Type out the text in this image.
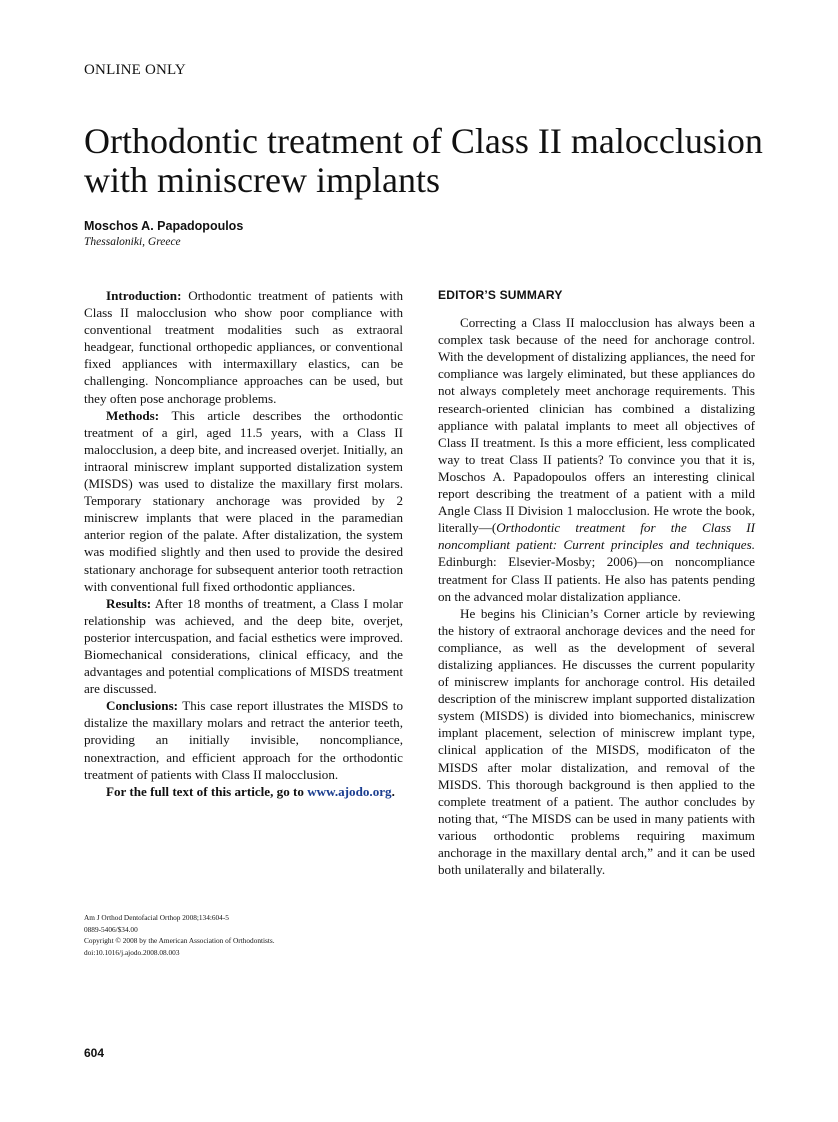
ONLINE ONLY
Orthodontic treatment of Class II malocclusion
with miniscrew implants
Moschos A. Papadopoulos
Thessaloniki, Greece

Introduction: Orthodontic treatment of patients with Class II malocclusion who show poor compliance with conventional treatment modalities such as extraoral headgear, functional orthopedic appliances, or conventional fixed appliances with intermaxillary elastics, can be challenging. Noncompliance approaches can be used, but they often pose anchorage problems.

Methods: This article describes the orthodontic treatment of a girl, aged 11.5 years, with a Class II malocclusion, a deep bite, and increased overjet. Initially, an intraoral miniscrew implant supported distalization system (MISDS) was used to distalize the maxillary first molars. Temporary stationary anchorage was provided by 2 miniscrew implants that were placed in the paramedian anterior region of the palate. After distalization, the system was modified slightly and then used to provide the desired stationary anchorage for subsequent anterior tooth retraction with conventional full fixed orthodontic appliances.

Results: After 18 months of treatment, a Class I molar relationship was achieved, and the deep bite, overjet, posterior intercuspation, and facial esthetics were improved. Biomechanical considerations, clinical efficacy, and the advantages and potential complications of MISDS treatment are discussed.

Conclusions: This case report illustrates the MISDS to distalize the maxillary molars and retract the anterior teeth, providing an initially invisible, noncompliance, nonextraction, and efficient approach for the orthodontic treatment of patients with Class II malocclusion.

For the full text of this article, go to www.ajodo.org.

Am J Orthod Dentofacial Orthop 2008;134:604-5
0889-5406/$34.00
Copyright © 2008 by the American Association of Orthodontists.
doi:10.1016/j.ajodo.2008.08.003

EDITOR’S SUMMARY

Correcting a Class II malocclusion has always been a complex task because of the need for anchorage control. With the development of distalizing appliances, the need for compliance was largely eliminated, but these appliances do not always completely meet anchorage requirements. This research-oriented clinician has combined a distalizing appliance with palatal implants to meet all objectives of Class II treatment. Is this a more efficient, less complicated way to treat Class II patients? To convince you that it is, Moschos A. Papadopoulos offers an interesting clinical report describing the treatment of a patient with a mild Angle Class II Division 1 malocclusion. He wrote the book, literally—(Orthodontic treatment for the Class II noncompliant patient: Current principles and techniques. Edinburgh: Elsevier-Mosby; 2006)—on noncompliance treatment for Class II patients. He also has patents pending on the advanced molar distalization appliance.

He begins his Clinician’s Corner article by reviewing the history of extraoral anchorage devices and the need for compliance, as well as the development of several distalizing appliances. He discusses the current popularity of miniscrew implants for anchorage control. His detailed description of the miniscrew implant supported distalization system (MISDS) is divided into biomechanics, miniscrew implant placement, selection of miniscrew implant type, clinical application of the MISDS, modificaton of the MISDS after molar distalization, and removal of the MISDS. This thorough background is then applied to the complete treatment of a patient. The author concludes by noting that, “The MISDS can be used in many patients with various orthodontic problems requiring maximum anchorage in the maxillary dental arch,” and it can be used both unilaterally and bilaterally.

604
